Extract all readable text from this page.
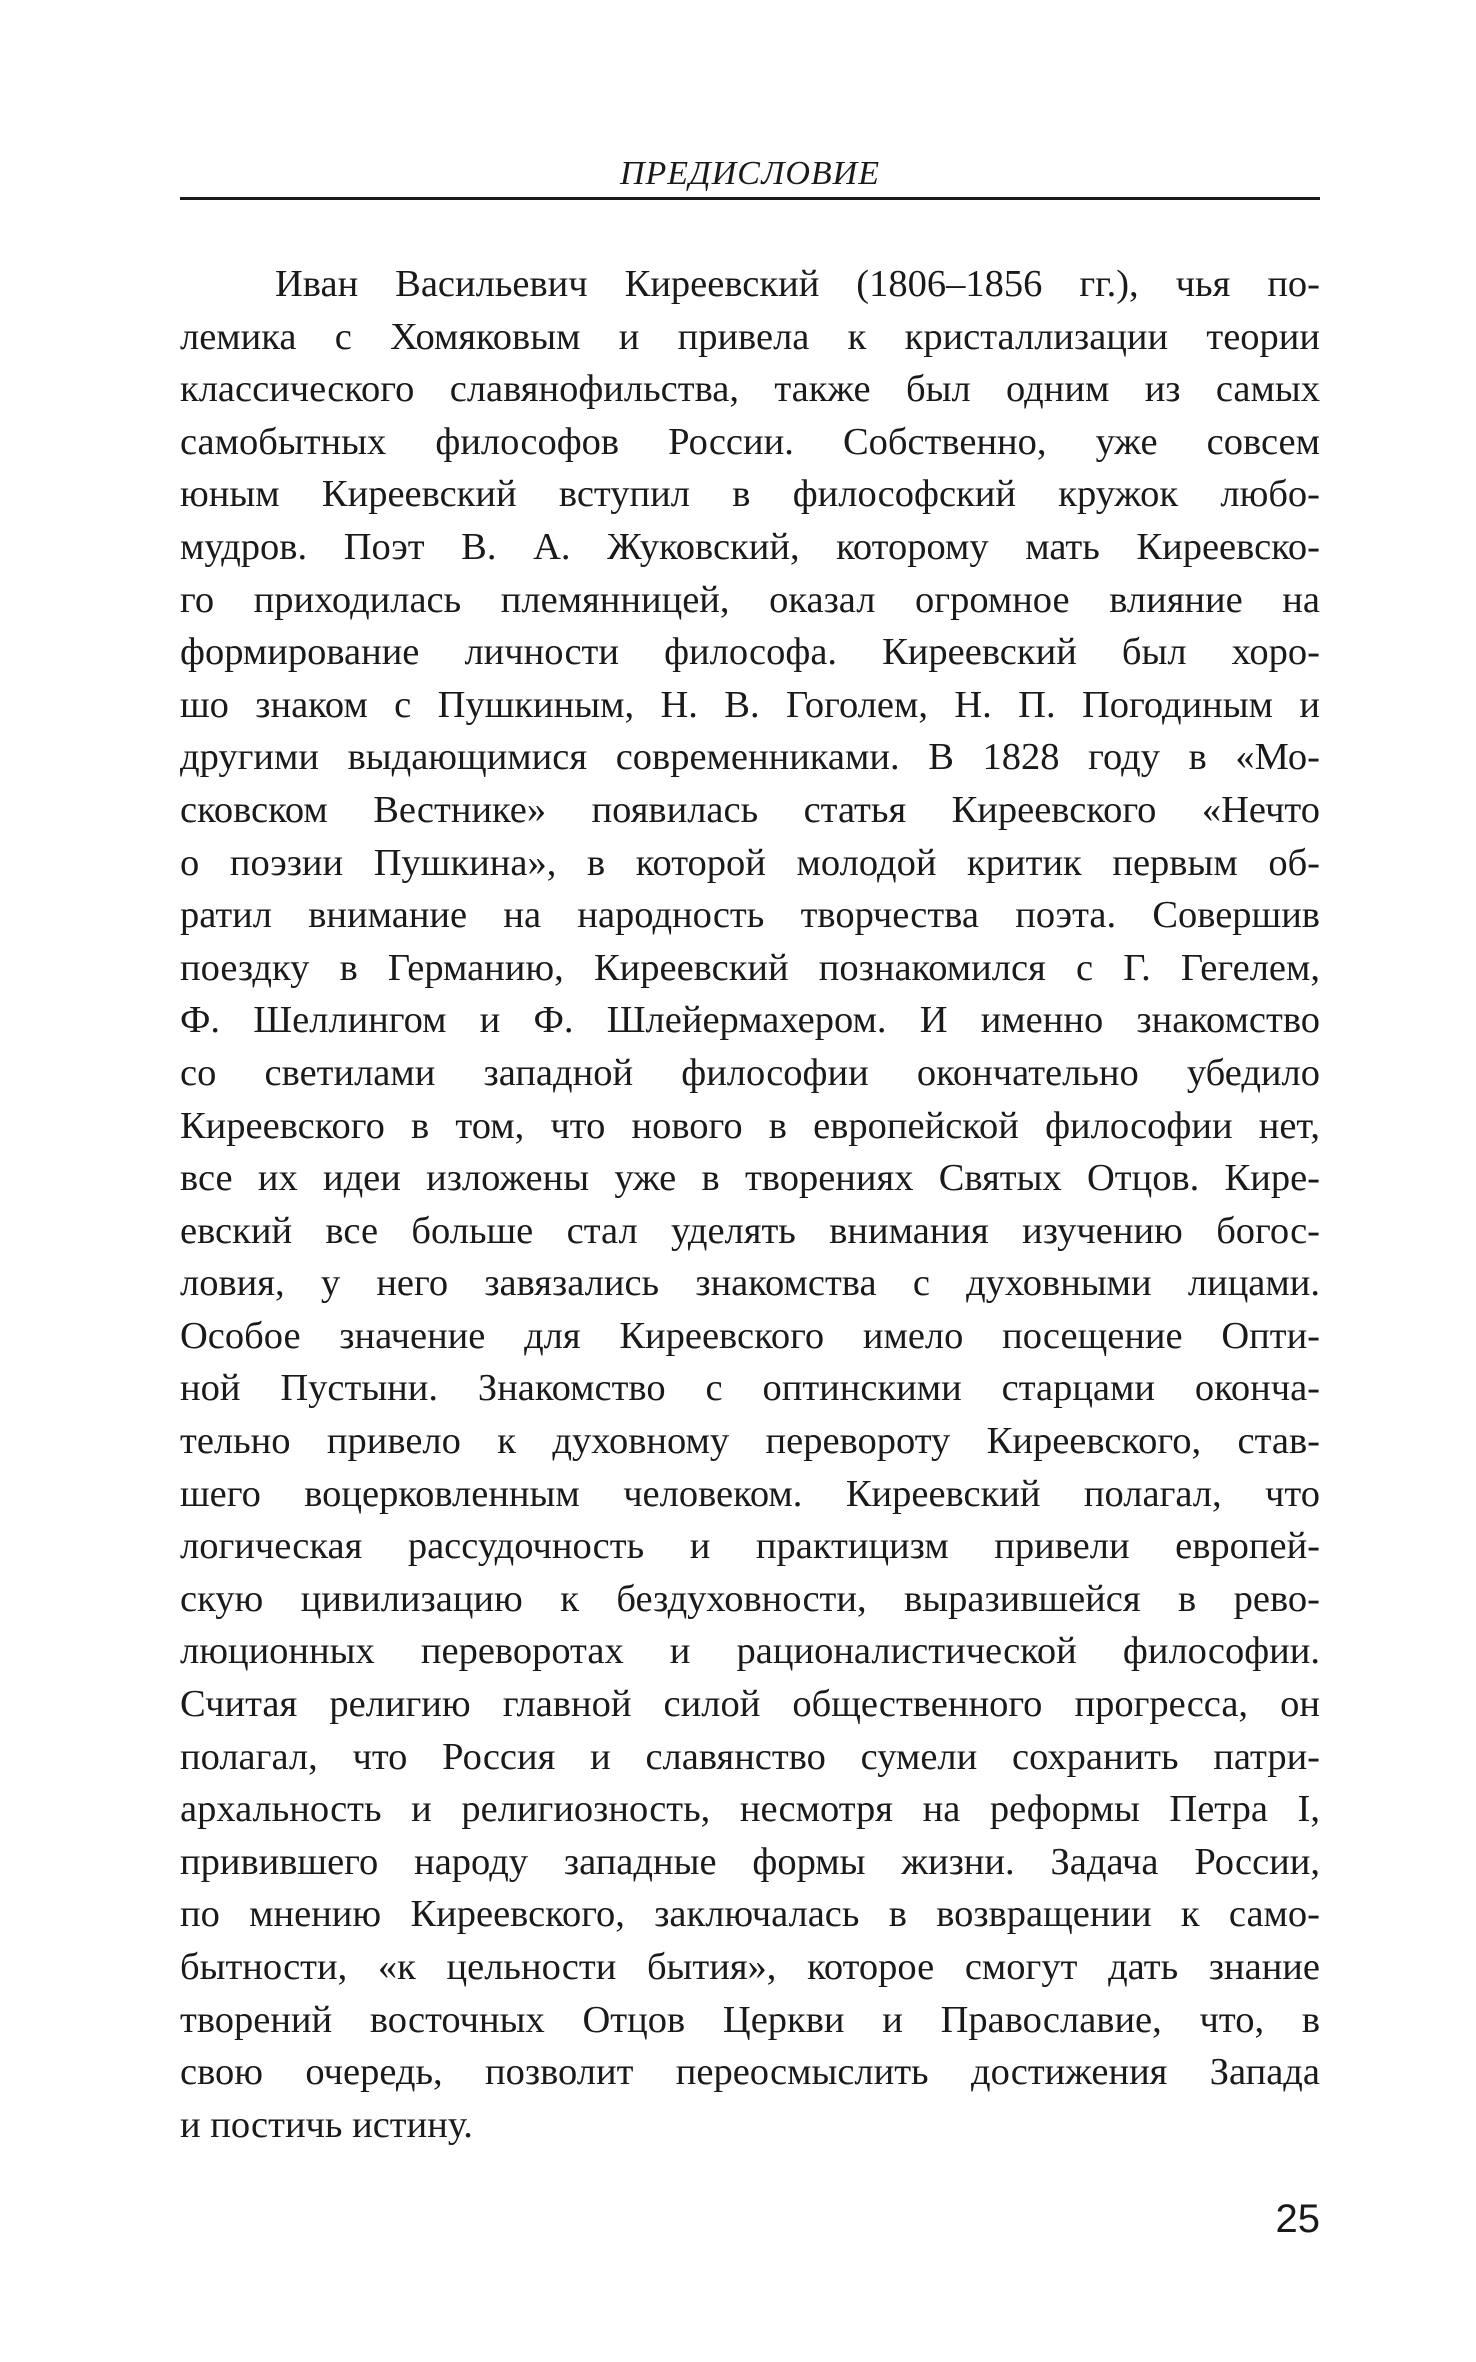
ПРЕДИСЛОВИЕ
Иван Васильевич Киреевский (1806–1856 гг.), чья по-
лемика с Хомяковым и привела к кристаллизации теории
классического славянофильства, также был одним из самых
самобытных философов России. Собственно, уже совсем
юным Киреевский вступил в философский кружок любо-
мудров. Поэт В. А. Жуковский, которому мать Киреевско-
го приходилась племянницей, оказал огромное влияние на
формирование личности философа. Киреевский был хоро-
шо знаком с Пушкиным, Н. В. Гоголем, Н. П. Погодиным и
другими выдающимися современниками. В 1828 году в «Мо-
сковском Вестнике» появилась статья Киреевского «Нечто
о поэзии Пушкина», в которой молодой критик первым об-
ратил внимание на народность творчества поэта. Совершив
поездку в Германию, Киреевский познакомился с Г. Гегелем,
Ф. Шеллингом и Ф. Шлейермахером. И именно знакомство
со светилами западной философии окончательно убедило
Киреевского в том, что нового в европейской философии нет,
все их идеи изложены уже в творениях Святых Отцов. Кире-
евский все больше стал уделять внимания изучению богос-
ловия, у него завязались знакомства с духовными лицами.
Особое значение для Киреевского имело посещение Опти-
ной Пустыни. Знакомство с оптинскими старцами оконча-
тельно привело к духовному перевороту Киреевского, став-
шего воцерковленным человеком. Киреевский полагал, что
логическая рассудочность и практицизм привели европей-
скую цивилизацию к бездуховности, выразившейся в рево-
люционных переворотах и рационалистической философии.
Считая религию главной силой общественного прогресса, он
полагал, что Россия и славянство сумели сохранить патри-
архальность и религиозность, несмотря на реформы Петра I,
привившего народу западные формы жизни. Задача России,
по мнению Киреевского, заключалась в возвращении к само-
бытности, «к цельности бытия», которое смогут дать знание
творений восточных Отцов Церкви и Православие, что, в
свою очередь, позволит переосмыслить достижения Запада
и постичь истину.
25
